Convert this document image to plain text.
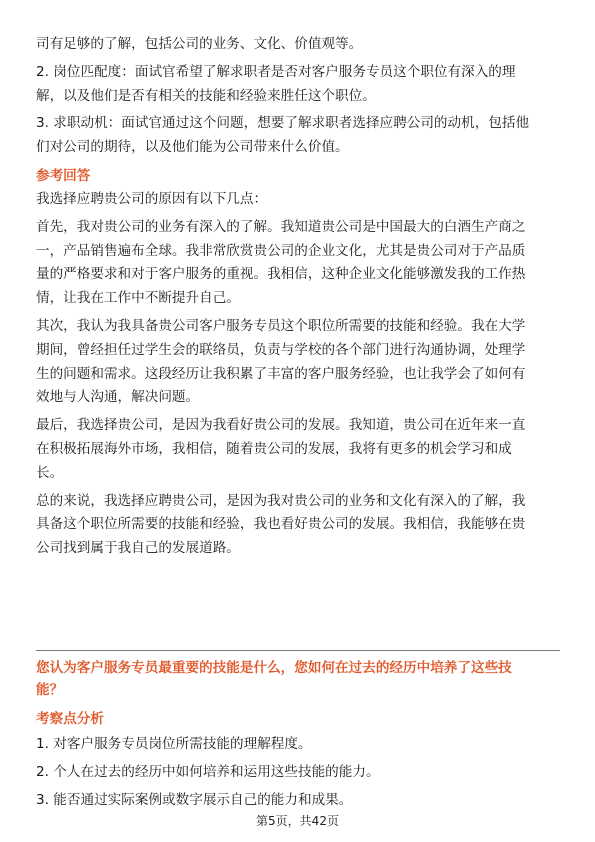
司有足够的了解，包括公司的业务、文化、价值观等。
2. 岗位匹配度：面试官希望了解求职者是否对客户服务专员这个职位有深入的理
解，以及他们是否有相关的技能和经验来胜任这个职位。
3. 求职动机：面试官通过这个问题，想要了解求职者选择应聘公司的动机，包括他
们对公司的期待，以及他们能为公司带来什么价值。
参考回答
我选择应聘贵公司的原因有以下几点：
首先，我对贵公司的业务有深入的了解。我知道贵公司是中国最大的白酒生产商之
一，产品销售遍布全球。我非常欣赏贵公司的企业文化，尤其是贵公司对于产品质
量的严格要求和对于客户服务的重视。我相信，这种企业文化能够激发我的工作热
情，让我在工作中不断提升自己。
其次，我认为我具备贵公司客户服务专员这个职位所需要的技能和经验。我在大学
期间，曾经担任过学生会的联络员，负责与学校的各个部门进行沟通协调，处理学
生的问题和需求。这段经历让我积累了丰富的客户服务经验，也让我学会了如何有
效地与人沟通，解决问题。
最后，我选择贵公司，是因为我看好贵公司的发展。我知道，贵公司在近年来一直
在积极拓展海外市场，我相信，随着贵公司的发展，我将有更多的机会学习和成
长。
总的来说，我选择应聘贵公司，是因为我对贵公司的业务和文化有深入的了解，我
具备这个职位所需要的技能和经验，我也看好贵公司的发展。我相信，我能够在贵
公司找到属于我自己的发展道路。
您认为客户服务专员最重要的技能是什么，您如何在过去的经历中培养了这些技
能？
考察点分析
1. 对客户服务专员岗位所需技能的理解程度。
2. 个人在过去的经历中如何培养和运用这些技能的能力。
3. 能否通过实际案例或数字展示自己的能力和成果。
第5页，共42页
